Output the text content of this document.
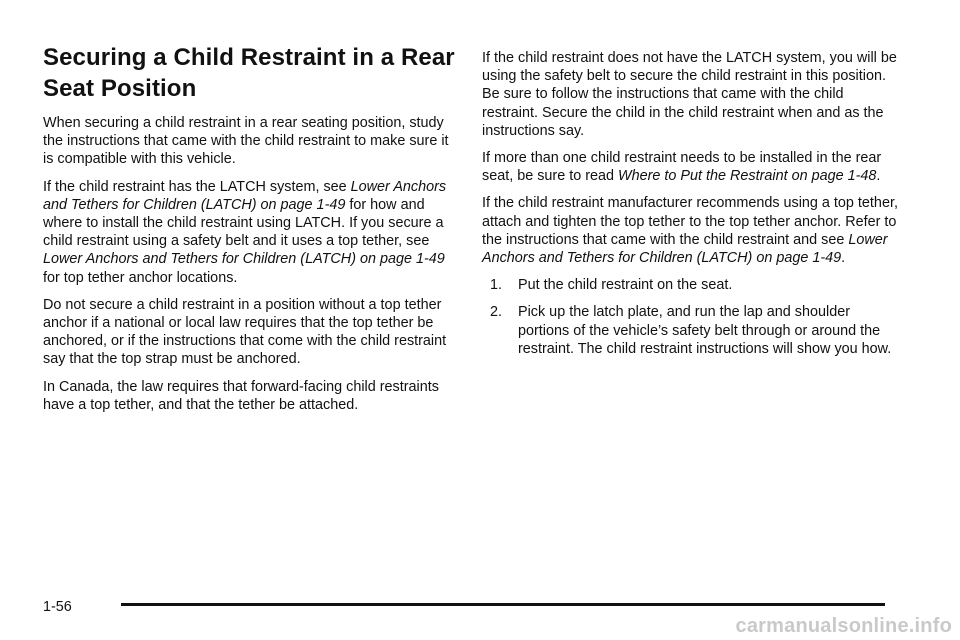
Securing a Child Restraint in a Rear Seat Position

When securing a child restraint in a rear seating position, study the instructions that came with the child restraint to make sure it is compatible with this vehicle.

If the child restraint has the LATCH system, see Lower Anchors and Tethers for Children (LATCH) on page 1-49 for how and where to install the child restraint using LATCH. If you secure a child restraint using a safety belt and it uses a top tether, see Lower Anchors and Tethers for Children (LATCH) on page 1-49 for top tether anchor locations.

Do not secure a child restraint in a position without a top tether anchor if a national or local law requires that the top tether be anchored, or if the instructions that come with the child restraint say that the top strap must be anchored.

In Canada, the law requires that forward-facing child restraints have a top tether, and that the tether be attached.

If the child restraint does not have the LATCH system, you will be using the safety belt to secure the child restraint in this position. Be sure to follow the instructions that came with the child restraint. Secure the child in the child restraint when and as the instructions say.

If more than one child restraint needs to be installed in the rear seat, be sure to read Where to Put the Restraint on page 1-48.

If the child restraint manufacturer recommends using a top tether, attach and tighten the top tether to the top tether anchor. Refer to the instructions that came with the child restraint and see Lower Anchors and Tethers for Children (LATCH) on page 1-49.

1. Put the child restraint on the seat.
2. Pick up the latch plate, and run the lap and shoulder portions of the vehicle’s safety belt through or around the restraint. The child restraint instructions will show you how.
1-56
carmanualsonline.info
